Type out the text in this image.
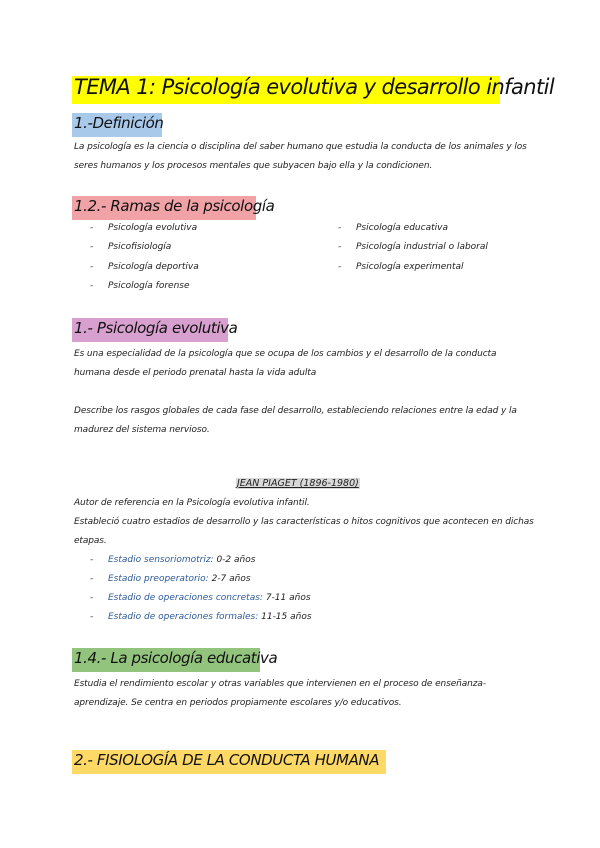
TEMA 1: Psicología evolutiva y desarrollo infantil
1.-Definición

La psicología es la ciencia o disciplina del saber humano que estudia la conducta de los animales y los seres humanos y los procesos mentales que subyacen bajo ella y la condicionen.

1.2.- Ramas de la psicología
- Psicología evolutiva
- Psicofisiología
- Psicología deportiva
- Psicología forense
- Psicología educativa
- Psicología industrial o laboral
- Psicología experimental
1.- Psicología evolutiva

Es una especialidad de la psicología que se ocupa de los cambios y el desarrollo de la conducta humana desde el periodo prenatal hasta la vida adulta

Describe los rasgos globales de cada fase del desarrollo, estableciendo relaciones entre la edad y la madurez del sistema nervioso.

JEAN PIAGET (1896-1980)

Autor de referencia en la Psicología evolutiva infantil.

Estableció cuatro estadios de desarrollo y las características o hitos cognitivos que acontecen en dichas etapas.

- Estadio sensoriomotriz: 0-2 años
- Estadio preoperatorio: 2-7 años
- Estadio de operaciones concretas: 7-11 años
- Estadio de operaciones formales: 11-15 años
1.4.- La psicología educativa

Estudia el rendimiento escolar y otras variables que intervienen en el proceso de enseñanza-aprendizaje. Se centra en periodos propiamente escolares y/o educativos.

2.- FISIOLOGÍA DE LA CONDUCTA HUMANA
